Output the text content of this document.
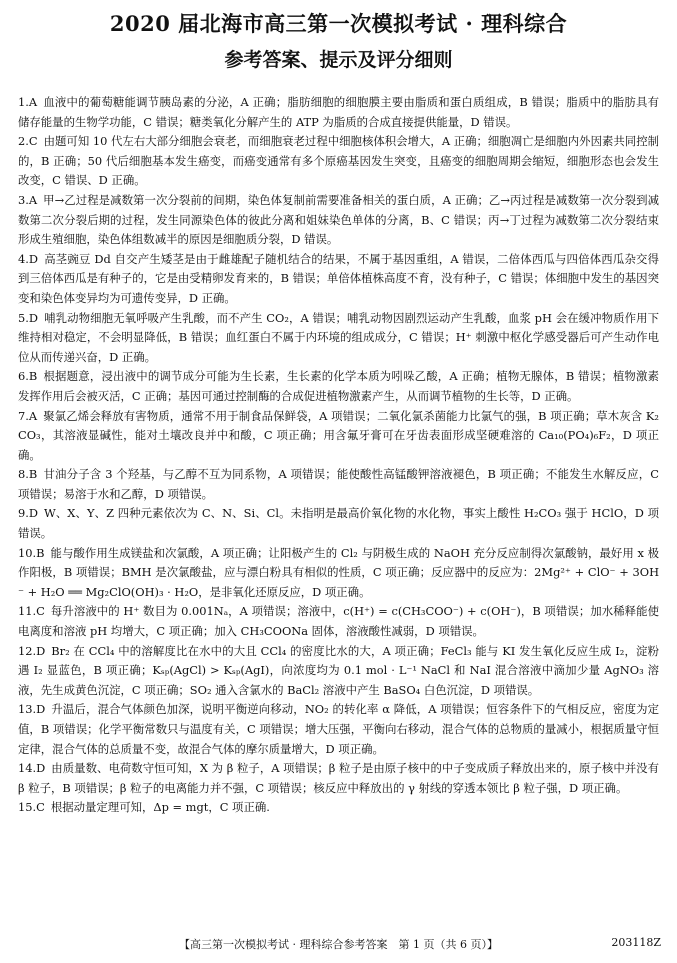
2020 届北海市高三第一次模拟考试 · 理科综合
参考答案、提示及评分细则

1.A 血液中的葡萄糖能调节胰岛素的分泌，A 正确；脂肪细胞的细胞膜主要由脂质和蛋白质组成，B 错误；脂质中的脂肪具有储存能量的生物学功能，C 错误；糖类氧化分解产生的 ATP 为脂质的合成直接提供能量，D 错误。

2.C 由题可知 10 代左右大部分细胞会衰老，而细胞衰老过程中细胞核体积会增大，A 正确；细胞凋亡是细胞内外因素共同控制的，B 正确；50 代后细胞基本发生癌变，而癌变通常有多个原癌基因发生突变，且癌变的细胞周期会缩短，细胞形态也会发生改变，C 错误、D 正确。

3.A 甲→乙过程是减数第一次分裂前的间期，染色体复制前需要准备相关的蛋白质，A 正确；乙→丙过程是减数第一次分裂到减数第二次分裂后期的过程，发生同源染色体的彼此分离和姐妹染色单体的分离，B、C 错误；丙→丁过程为减数第二次分裂结束形成生殖细胞，染色体组数减半的原因是细胞质分裂，D 错误。

4.D 高茎豌豆 Dd 自交产生矮茎是由于雌雄配子随机结合的结果，不属于基因重组，A 错误，二倍体西瓜与四倍体西瓜杂交得到三倍体西瓜是有种子的，它是由受精卵发育来的，B 错误；单倍体植株高度不育，没有种子，C 错误；体细胞中发生的基因突变和染色体变异均为可遗传变异，D 正确。

5.D 哺乳动物细胞无氧呼吸产生乳酸，而不产生 CO₂，A 错误；哺乳动物因剧烈运动产生乳酸，血浆 pH 会在缓冲物质作用下维持相对稳定，不会明显降低，B 错误；血红蛋白不属于内环境的组成成分，C 错误；H⁺ 刺激中枢化学感受器后可产生动作电位从而传递兴奋，D 正确。

6.B 根据题意，浸出液中的调节成分可能为生长素，生长素的化学本质为吲哚乙酸，A 正确；植物无腺体，B 错误；植物激素发挥作用后会被灭活，C 正确；基因可通过控制酶的合成促进植物激素产生，从而调节植物的生长等，D 正确。

7.A 聚氯乙烯会释放有害物质，通常不用于制食品保鲜袋，A 项错误；二氧化氯杀菌能力比氯气的强，B 项正确；草木灰含 K₂CO₃，其溶液显碱性，能对土壤改良并中和酸，C 项正确；用含氟牙膏可在牙齿表面形成坚硬难溶的 Ca₁₀(PO₄)₆F₂，D 项正确。

8.B 甘油分子含 3 个羟基，与乙醇不互为同系物，A 项错误；能使酸性高锰酸钾溶液褪色，B 项正确；不能发生水解反应，C 项错误；易溶于水和乙醇，D 项错误。

9.D W、X、Y、Z 四种元素依次为 C、N、Si、Cl。未指明是最高价氧化物的水化物，事实上酸性 H₂CO₃ 强于 HClO，D 项错误。

10.B 能与酸作用生成镁盐和次氯酸，A 项正确；让阳极产生的 Cl₂ 与阴极生成的 NaOH 充分反应制得次氯酸钠，最好用 x 极作阳极，B 项错误；BMH 是次氯酸盐，应与漂白粉具有相似的性质，C 项正确；反应器中的反应为：2Mg²⁺ + ClO⁻ + 3OH⁻ + H₂O ══ Mg₂ClO(OH)₃ · H₂O，是非氧化还原反应，D 项正确。

11.C 每升溶液中的 H⁺ 数目为 0.001Nₐ，A 项错误；溶液中，c(H⁺) = c(CH₃COO⁻) + c(OH⁻)，B 项错误；加水稀释能使电离度和溶液 pH 均增大，C 项正确；加入 CH₃COONa 固体，溶液酸性减弱，D 项错误。

12.D Br₂ 在 CCl₄ 中的溶解度比在水中的大且 CCl₄ 的密度比水的大，A 项正确；FeCl₃ 能与 KI 发生氧化反应生成 I₂，淀粉遇 I₂ 显蓝色，B 项正确；Kₛₚ(AgCl) > Kₛₚ(AgI)，向浓度均为 0.1 mol · L⁻¹ NaCl 和 NaI 混合溶液中滴加少量 AgNO₃ 溶液，先生成黄色沉淀，C 项正确；SO₂ 通入含氯水的 BaCl₂ 溶液中产生 BaSO₄ 白色沉淀，D 项错误。

13.D 升温后，混合气体颜色加深，说明平衡逆向移动，NO₂ 的转化率 α 降低，A 项错误；恒容条件下的气相反应，密度为定值，B 项错误；化学平衡常数只与温度有关，C 项错误；增大压强，平衡向右移动，混合气体的总物质的量减小，根据质量守恒定律，混合气体的总质量不变，故混合气体的摩尔质量增大，D 项正确。

14.D 由质量数、电荷数守恒可知，X 为 β 粒子，A 项错误；β 粒子是由原子核中的中子变成质子释放出来的，原子核中并没有 β 粒子，B 项错误；β 粒子的电离能力并不强，C 项错误；核反应中释放出的 γ 射线的穿透本领比 β 粒子强，D 项正确。

15.C 根据动量定理可知，Δp = mgt，C 项正确.

【高三第一次模拟考试 · 理科综合参考答案　第 1 页（共 6 页）】	203118Z
